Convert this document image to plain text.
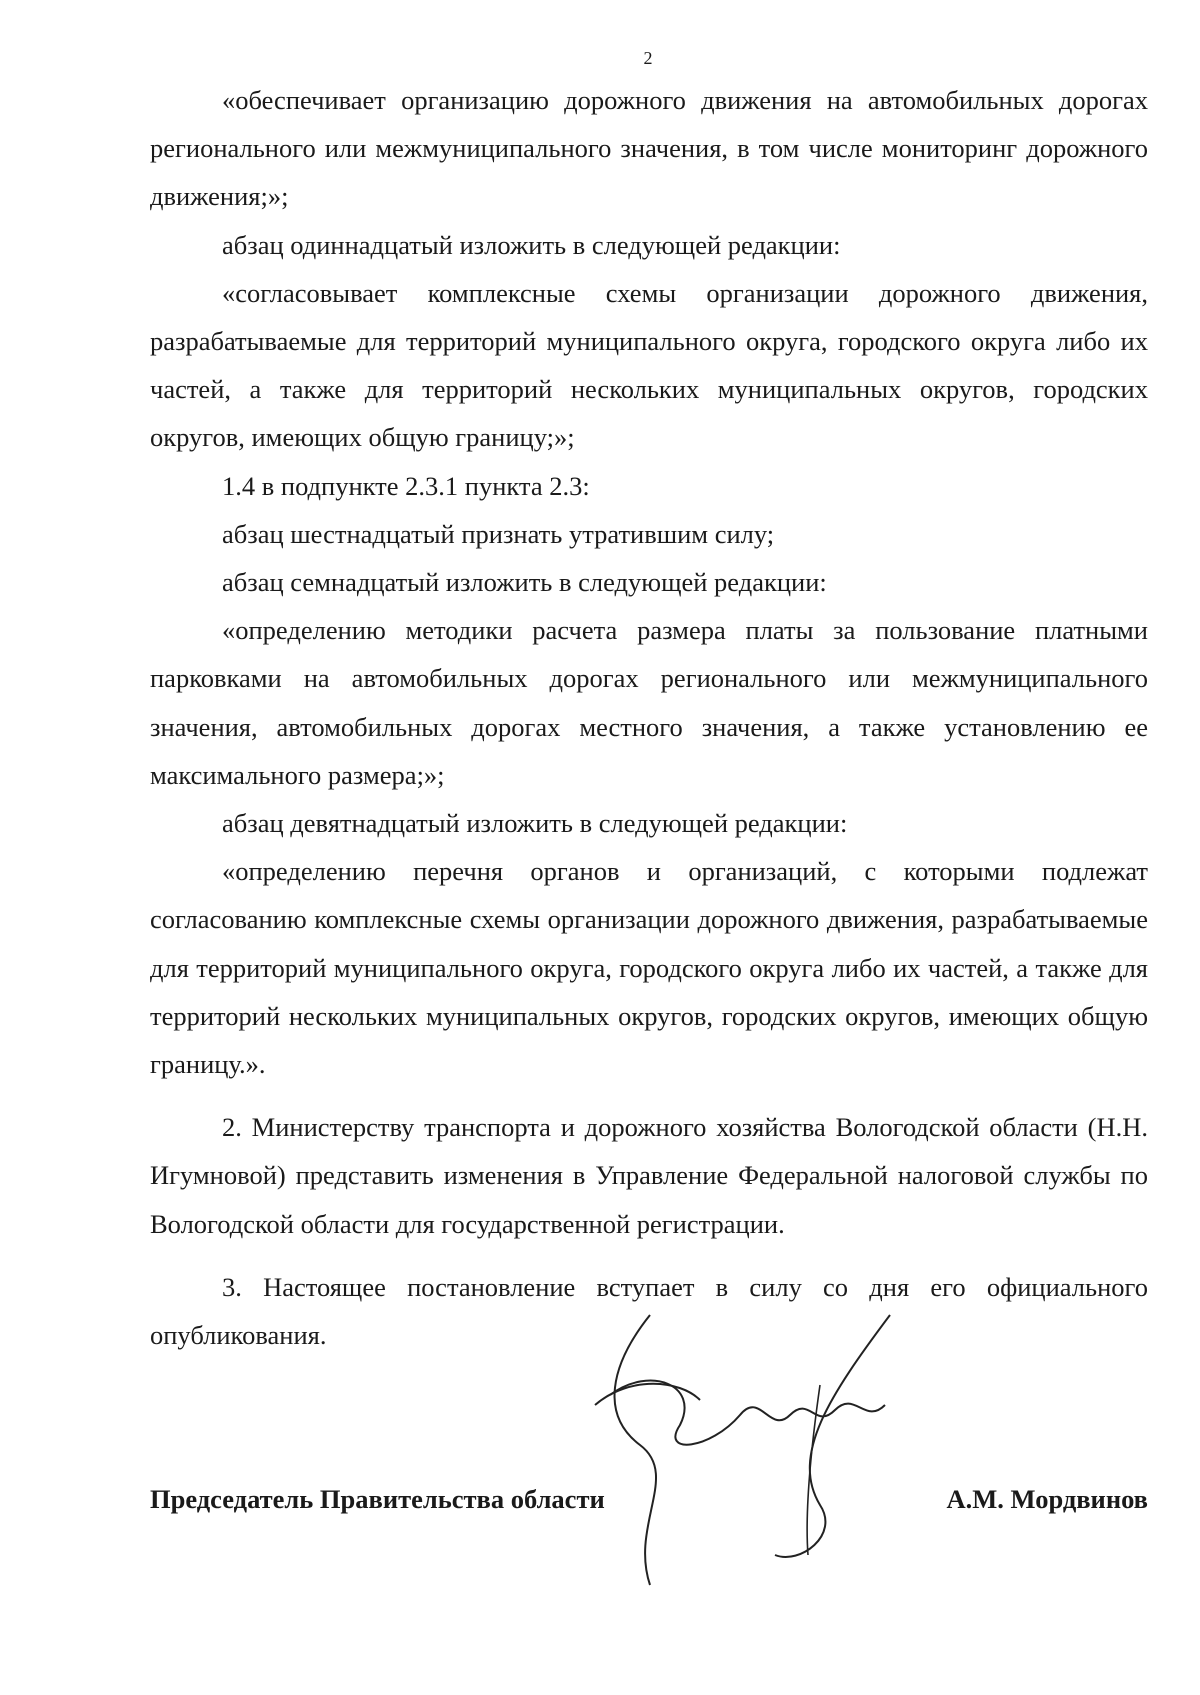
2

«обеспечивает организацию дорожного движения на автомобильных дорогах регионального или межмуниципального значения, в том числе мониторинг дорожного движения;»;

абзац одиннадцатый изложить в следующей редакции:

«согласовывает комплексные схемы организации дорожного движения, разрабатываемые для территорий муниципального округа, городского округа либо их частей, а также для территорий нескольких муниципальных округов, городских округов, имеющих общую границу;»;

1.4 в подпункте 2.3.1 пункта 2.3:

абзац шестнадцатый признать утратившим силу;

абзац семнадцатый изложить в следующей редакции:

«определению методики расчета размера платы за пользование платными парковками на автомобильных дорогах регионального или межмуниципального значения, автомобильных дорогах местного значения, а также установлению ее максимального размера;»;

абзац девятнадцатый изложить в следующей редакции:

«определению перечня органов и организаций, с которыми подлежат согласованию комплексные схемы организации дорожного движения, разрабатываемые для территорий муниципального округа, городского округа либо их частей, а также для территорий нескольких муниципальных округов, городских округов, имеющих общую границу.».

2. Министерству транспорта и дорожного хозяйства Вологодской области (Н.Н. Игумновой) представить изменения в Управление Федеральной налоговой службы по Вологодской области для государственной регистрации.

3. Настоящее постановление вступает в силу со дня его официального опубликования.

Председатель Правительства области	А.М. Мордвинов
